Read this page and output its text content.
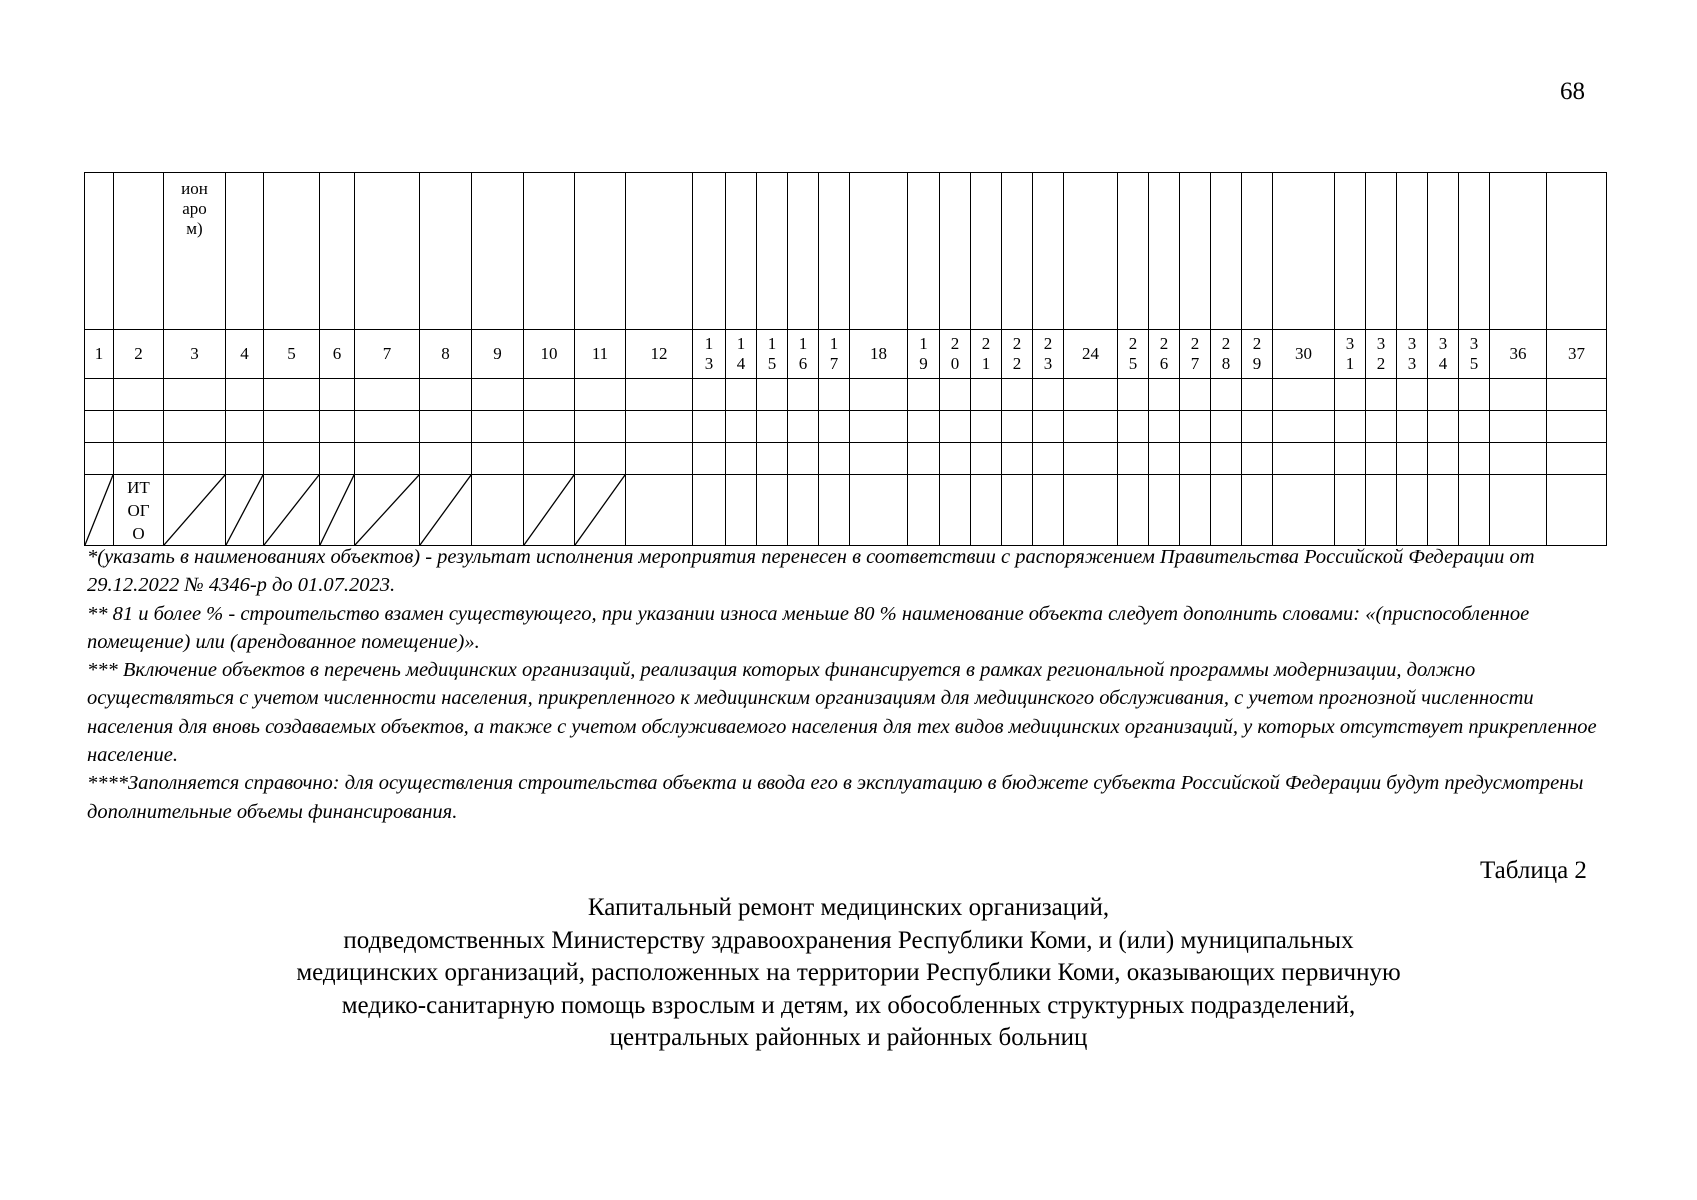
68

		ион
аро
м)																																		

1	2	3	4	5	6	7	8	9	10	11	12	13	14	15	16	17	18	19	20	21	22	23	24	25	26	27	28	29	30	31	32	33	34	35	36	37

	ИТОГО	

*(указать в наименованиях объектов) - результат исполнения мероприятия перенесен в соответствии с распоряжением Правительства Российской Федерации от 29.12.2022 № 4346-р до 01.07.2023.

** 81 и более % - строительство взамен существующего, при указании износа меньше 80 % наименование объекта следует дополнить словами: «(приспособленное помещение) или (арендованное помещение)».

*** Включение объектов в перечень медицинских организаций, реализация которых финансируется в рамках региональной программы модернизации, должно осуществляться с учетом численности населения, прикрепленного к медицинским организациям для медицинского обслуживания, с учетом прогнозной численности населения для вновь создаваемых объектов, а также с учетом обслуживаемого населения для тех видов медицинских организаций, у которых отсутствует прикрепленное население.

****Заполняется справочно: для осуществления строительства объекта и ввода его в эксплуатацию в бюджете субъекта Российской Федерации будут предусмотрены дополнительные объемы финансирования.

Таблица 2
Капитальный ремонт медицинских организаций,
подведомственных Министерству здравоохранения Республики Коми, и (или) муниципальных
медицинских организаций, расположенных на территории Республики Коми, оказывающих первичную
медико-санитарную помощь взрослым и детям, их обособленных структурных подразделений,
центральных районных и районных больниц
